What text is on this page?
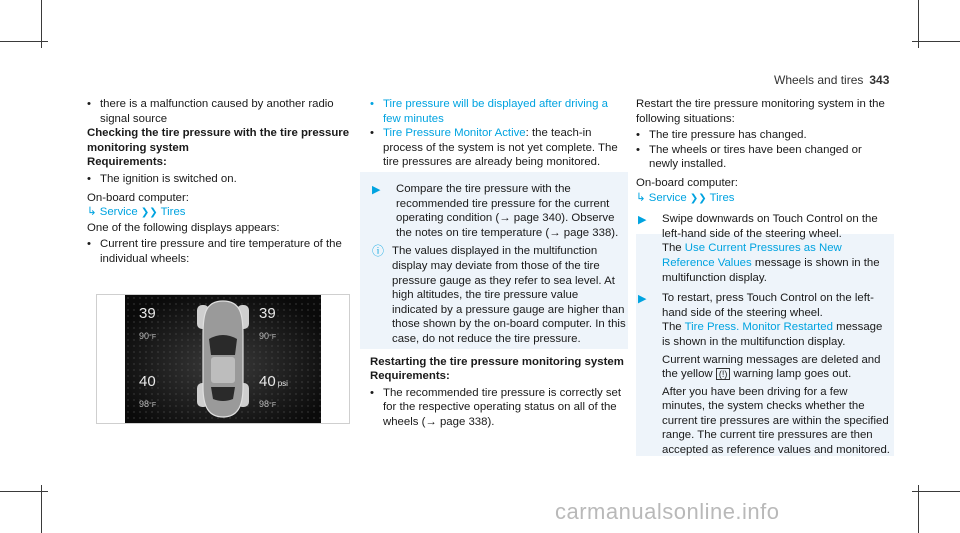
Wheels and tires 343

• there is a malfunction caused by another radio signal source

Checking the tire pressure with the tire pressure monitoring system

Requirements:

• The ignition is switched on.

On-board computer:

↳ Service ❯❯ Tires

One of the following displays appears:

• Current tire pressure and tire temperature of the individual wheels:

39
90°F
39
90°F
40
98°F
40 psi
98°F

• Tire pressure will be displayed after driving a few minutes

• Tire Pressure Monitor Active: the teach-in process of the system is not yet complete. The tire pressures are already being monitored.

▶ Compare the tire pressure with the recommended tire pressure for the current operating condition (→ page 340). Observe the notes on tire temperature (→ page 338).

ⓘ The values displayed in the multifunction display may deviate from those of the tire pressure gauge as they refer to sea level. At high altitudes, the tire pressure value indicated by a pressure gauge are higher than those shown by the on-board computer. In this case, do not reduce the tire pressure.

Restarting the tire pressure monitoring system

Requirements:

• The recommended tire pressure is correctly set for the respective operating status on all of the wheels (→ page 338).

Restart the tire pressure monitoring system in the following situations:

• The tire pressure has changed.

• The wheels or tires have been changed or newly installed.

On-board computer:

↳ Service ❯❯ Tires

▶ Swipe downwards on Touch Control on the left-hand side of the steering wheel.

The Use Current Pressures as New Reference Values message is shown in the multifunction display.

▶ To restart, press Touch Control on the left-hand side of the steering wheel.

The Tire Press. Monitor Restarted message is shown in the multifunction display.

Current warning messages are deleted and the yellow (!) warning lamp goes out.

After you have been driving for a few minutes, the system checks whether the current tire pressures are within the specified range. The current tire pressures are then accepted as reference values and monitored.

carmanualsonline.info
